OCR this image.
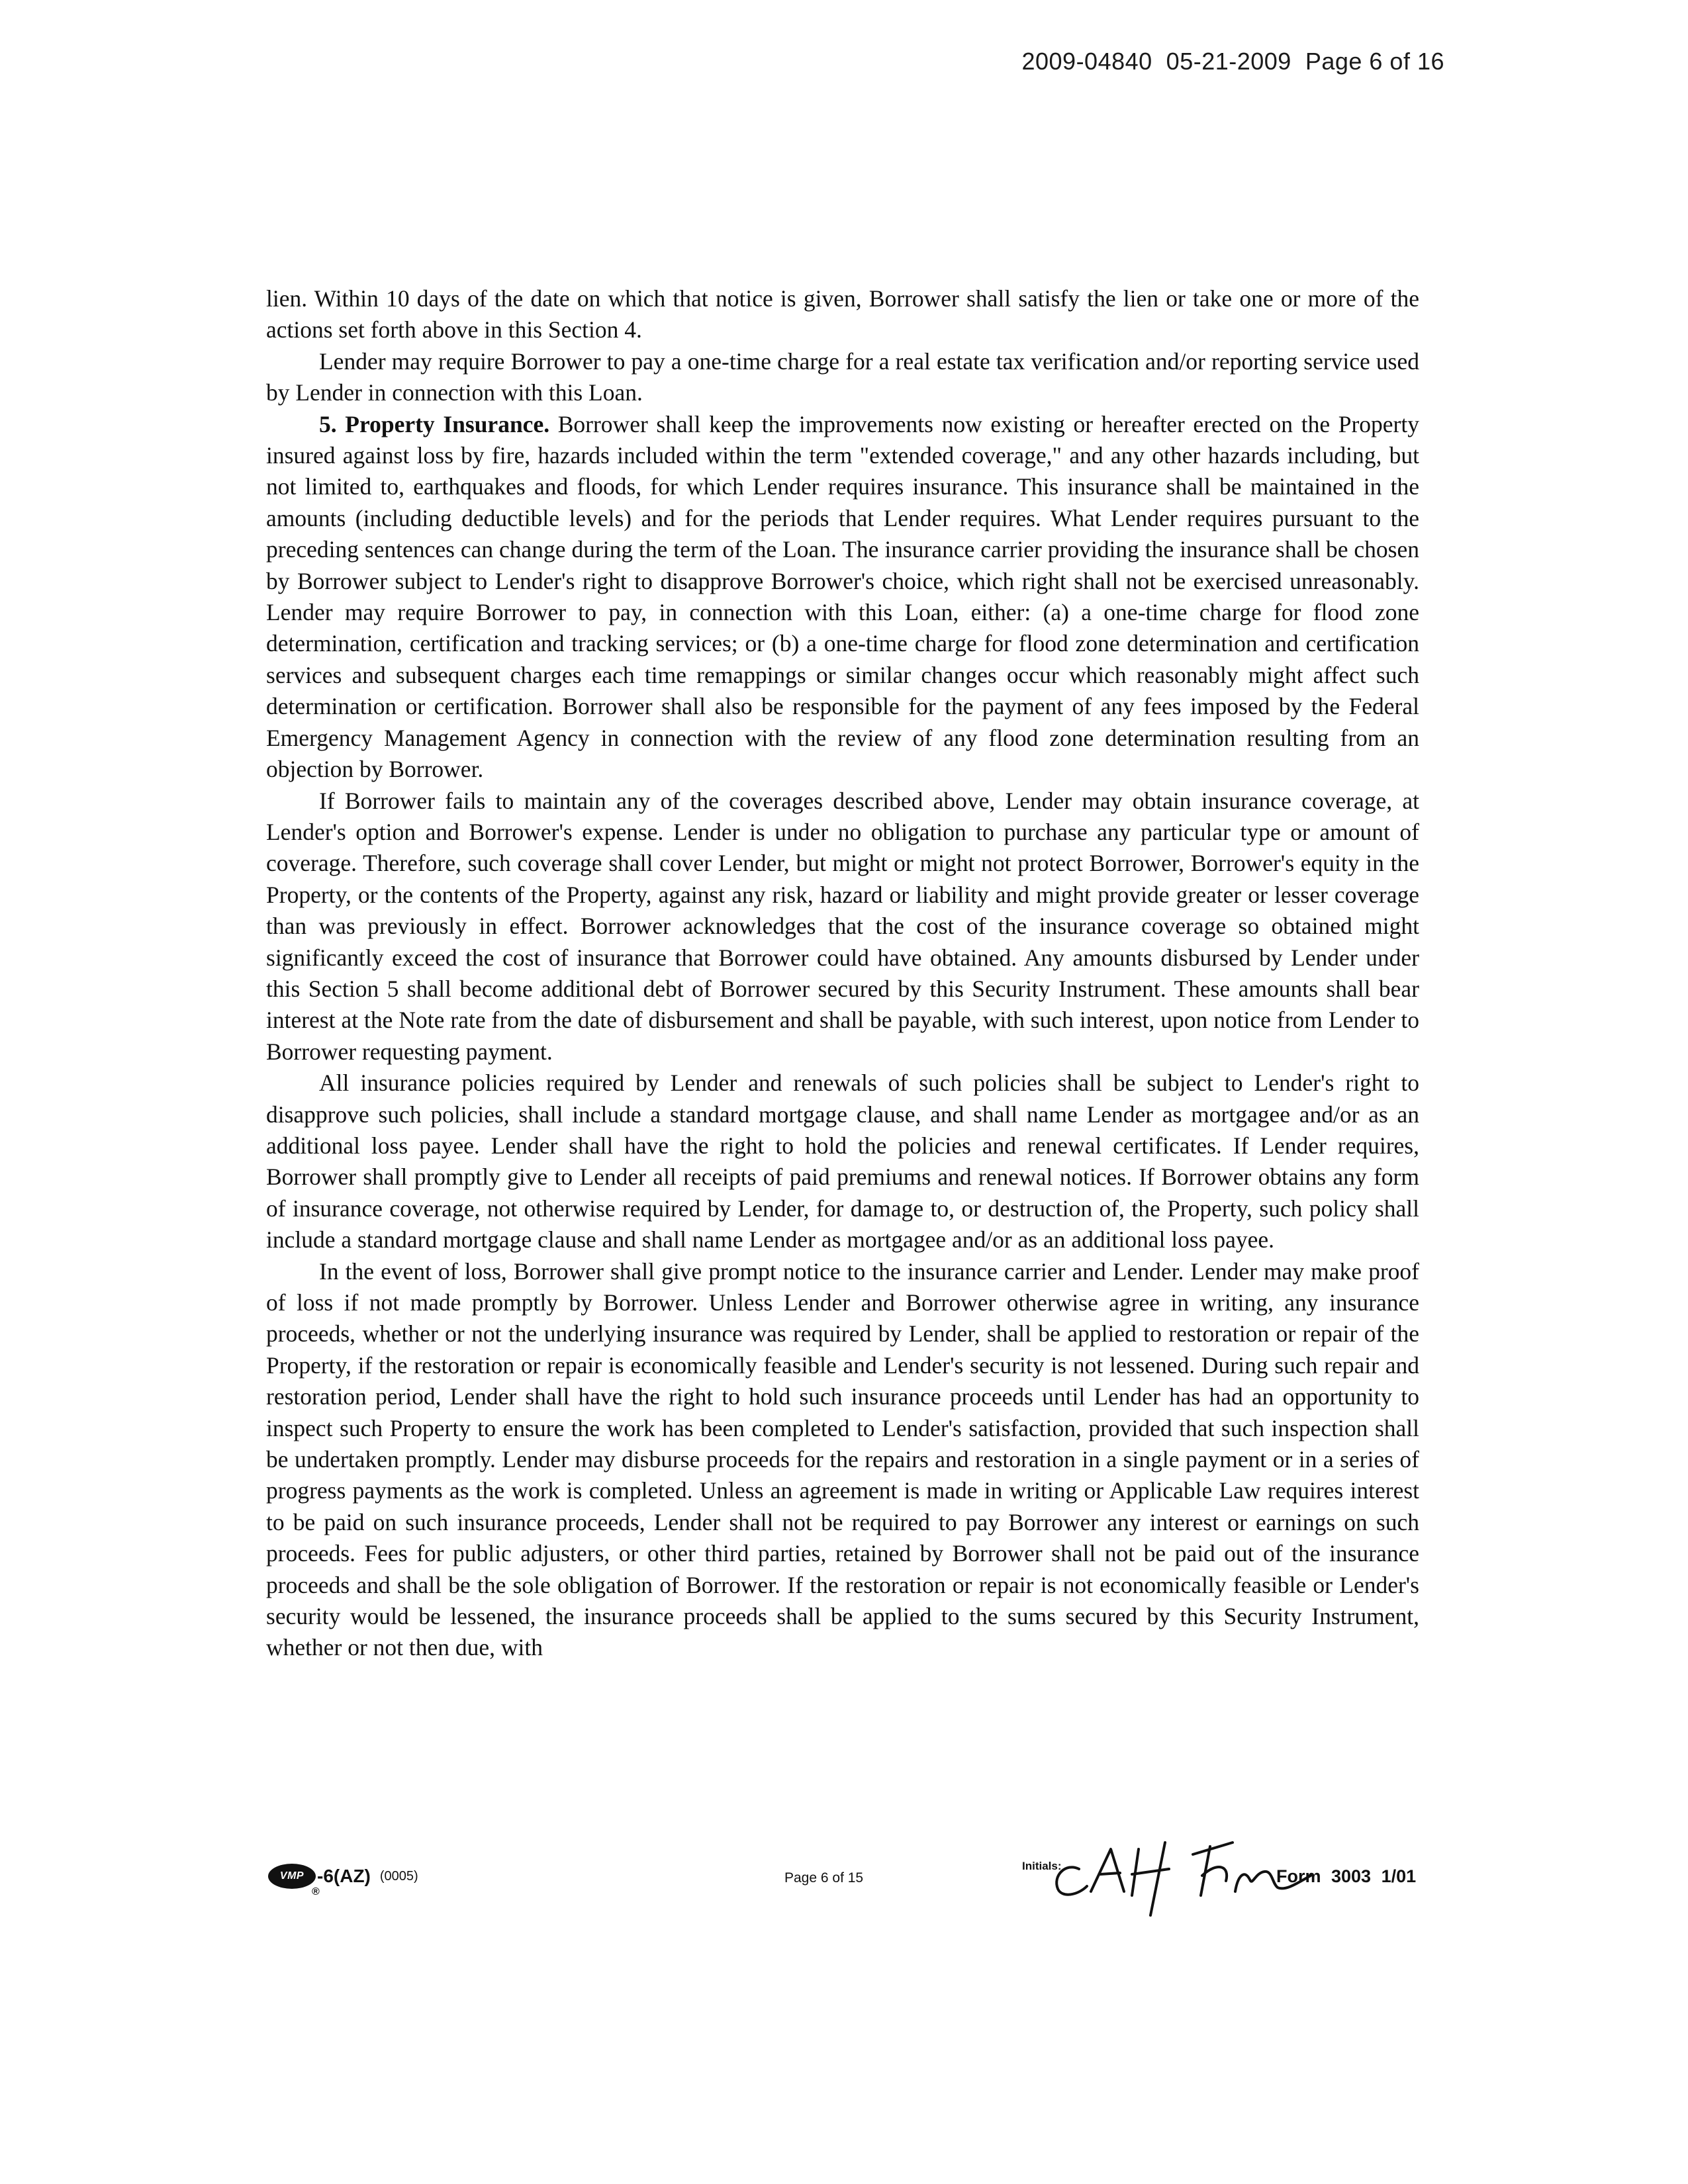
2009-04840  05-21-2009  Page 6 of 16

lien. Within 10 days of the date on which that notice is given, Borrower shall satisfy the lien or take one or more of the actions set forth above in this Section 4.

Lender may require Borrower to pay a one-time charge for a real estate tax verification and/or reporting service used by Lender in connection with this Loan.

5. Property Insurance. Borrower shall keep the improvements now existing or hereafter erected on the Property insured against loss by fire, hazards included within the term "extended coverage," and any other hazards including, but not limited to, earthquakes and floods, for which Lender requires insurance. This insurance shall be maintained in the amounts (including deductible levels) and for the periods that Lender requires. What Lender requires pursuant to the preceding sentences can change during the term of the Loan. The insurance carrier providing the insurance shall be chosen by Borrower subject to Lender's right to disapprove Borrower's choice, which right shall not be exercised unreasonably. Lender may require Borrower to pay, in connection with this Loan, either: (a) a one-time charge for flood zone determination, certification and tracking services; or (b) a one-time charge for flood zone determination and certification services and subsequent charges each time remappings or similar changes occur which reasonably might affect such determination or certification. Borrower shall also be responsible for the payment of any fees imposed by the Federal Emergency Management Agency in connection with the review of any flood zone determination resulting from an objection by Borrower.

If Borrower fails to maintain any of the coverages described above, Lender may obtain insurance coverage, at Lender's option and Borrower's expense. Lender is under no obligation to purchase any particular type or amount of coverage. Therefore, such coverage shall cover Lender, but might or might not protect Borrower, Borrower's equity in the Property, or the contents of the Property, against any risk, hazard or liability and might provide greater or lesser coverage than was previously in effect. Borrower acknowledges that the cost of the insurance coverage so obtained might significantly exceed the cost of insurance that Borrower could have obtained. Any amounts disbursed by Lender under this Section 5 shall become additional debt of Borrower secured by this Security Instrument. These amounts shall bear interest at the Note rate from the date of disbursement and shall be payable, with such interest, upon notice from Lender to Borrower requesting payment.

All insurance policies required by Lender and renewals of such policies shall be subject to Lender's right to disapprove such policies, shall include a standard mortgage clause, and shall name Lender as mortgagee and/or as an additional loss payee. Lender shall have the right to hold the policies and renewal certificates. If Lender requires, Borrower shall promptly give to Lender all receipts of paid premiums and renewal notices. If Borrower obtains any form of insurance coverage, not otherwise required by Lender, for damage to, or destruction of, the Property, such policy shall include a standard mortgage clause and shall name Lender as mortgagee and/or as an additional loss payee.

In the event of loss, Borrower shall give prompt notice to the insurance carrier and Lender. Lender may make proof of loss if not made promptly by Borrower. Unless Lender and Borrower otherwise agree in writing, any insurance proceeds, whether or not the underlying insurance was required by Lender, shall be applied to restoration or repair of the Property, if the restoration or repair is economically feasible and Lender's security is not lessened. During such repair and restoration period, Lender shall have the right to hold such insurance proceeds until Lender has had an opportunity to inspect such Property to ensure the work has been completed to Lender's satisfaction, provided that such inspection shall be undertaken promptly. Lender may disburse proceeds for the repairs and restoration in a single payment or in a series of progress payments as the work is completed. Unless an agreement is made in writing or Applicable Law requires interest to be paid on such insurance proceeds, Lender shall not be required to pay Borrower any interest or earnings on such proceeds. Fees for public adjusters, or other third parties, retained by Borrower shall not be paid out of the insurance proceeds and shall be the sole obligation of Borrower. If the restoration or repair is not economically feasible or Lender's security would be lessened, the insurance proceeds shall be applied to the sums secured by this Security Instrument, whether or not then due, with

VMP -6(AZ)
®
(0005)	Page 6 of 15
Initials:
Form 3003 1/01
